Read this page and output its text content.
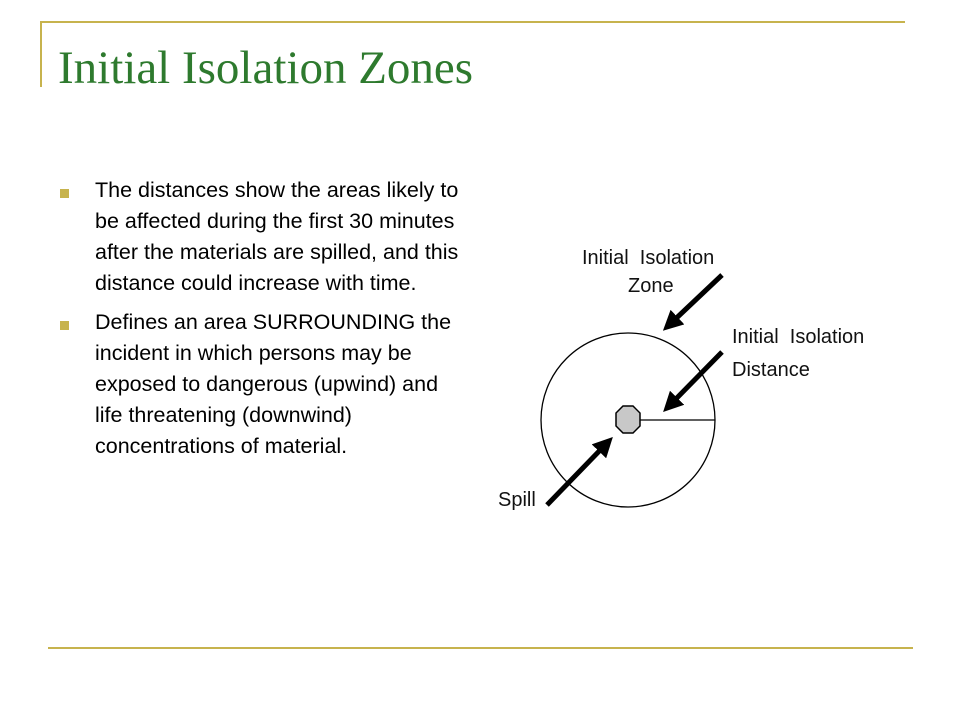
Initial Isolation Zones
The distances show the areas likely to be affected during the first 30 minutes after the materials are spilled, and this distance could increase with time.
Defines an area SURROUNDING the incident in which persons may be exposed to dangerous (upwind) and life threatening (downwind) concentrations of material.
Initial  Isolation
Zone
Initial  Isolation
Distance
Spill
